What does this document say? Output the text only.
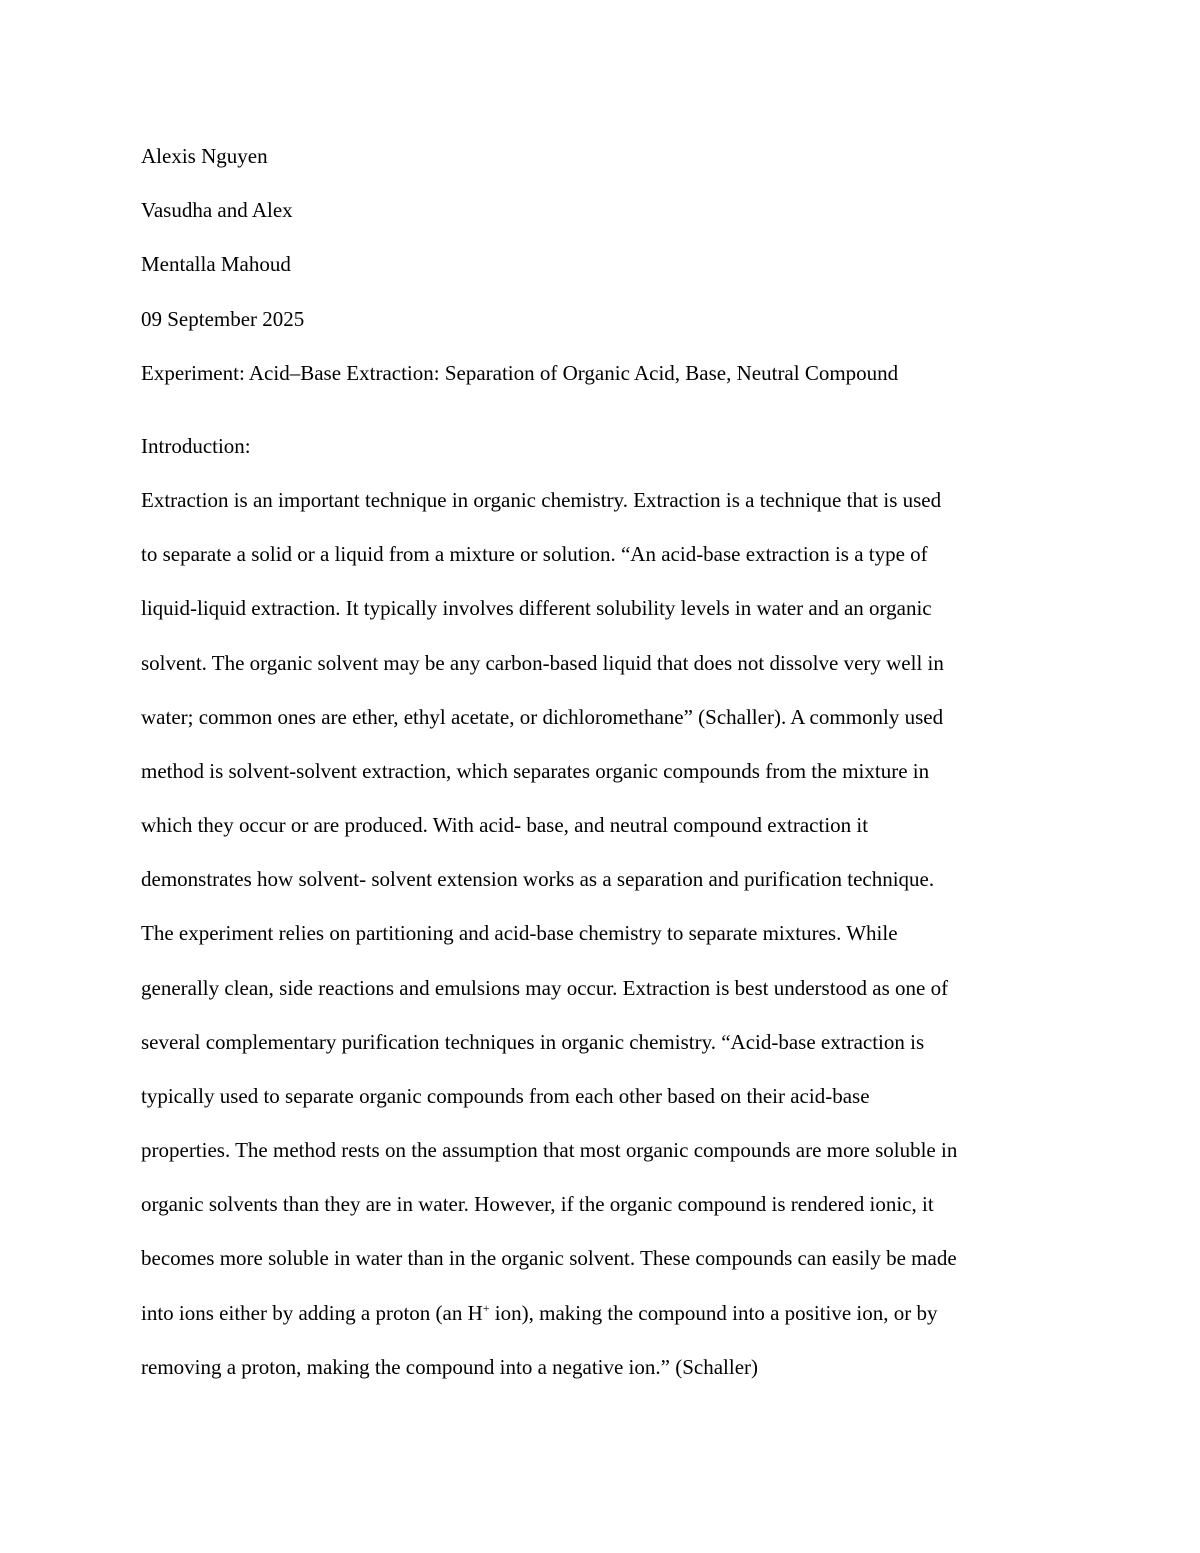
Alexis Nguyen
Vasudha and Alex
Mentalla Mahoud
09 September 2025
Experiment: Acid–Base Extraction: Separation of Organic Acid, Base, Neutral Compound
Introduction:
Extraction is an important technique in organic chemistry. Extraction is a technique that is used
to separate a solid or a liquid from a mixture or solution. “An acid-base extraction is a type of
liquid-liquid extraction. It typically involves different solubility levels in water and an organic
solvent. The organic solvent may be any carbon-based liquid that does not dissolve very well in
water; common ones are ether, ethyl acetate, or dichloromethane” (Schaller). A commonly used
method is solvent-solvent extraction, which separates organic compounds from the mixture in
which they occur or are produced. With acid- base, and neutral compound extraction it
demonstrates how solvent- solvent extension works as a separation and purification technique.
The experiment relies on partitioning and acid-base chemistry to separate mixtures. While
generally clean, side reactions and emulsions may occur. Extraction is best understood as one of
several complementary purification techniques in organic chemistry. “Acid-base extraction is
typically used to separate organic compounds from each other based on their acid-base
properties. The method rests on the assumption that most organic compounds are more soluble in
organic solvents than they are in water. However, if the organic compound is rendered ionic, it
becomes more soluble in water than in the organic solvent. These compounds can easily be made
into ions either by adding a proton (an H+ ion), making the compound into a positive ion, or by
removing a proton, making the compound into a negative ion.” (Schaller)
